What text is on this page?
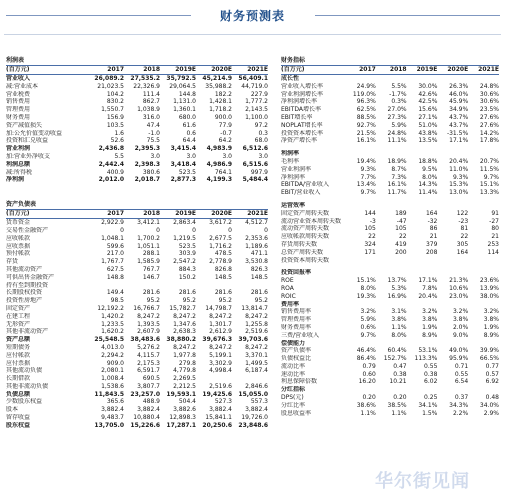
财务预测表
利润表
(百万元)	2017	2018	2019E	2020E	2021E
营业收入	26,089.2	27,535.2	35,792.5	45,214.9	56,409.1
减:营业成本	21,023.5	22,326.9	29,064.5	35,988.2	44,719.0
营业税费	104.2	111.4	144.8	182.2	227.9
销售费用	830.2	862.7	1,131.0	1,428.1	1,777.2
管理费用	1,550.7	1,038.9	1,360.1	1,718.2	2,143.5
财务费用	156.9	316.0	680.0	900.0	1,100.0
资产减值损失	103.5	47.4	61.6	77.9	97.2
加:公允价值变动收益	1.6	-1.0	0.6	-0.7	0.3
投资和汇兑收益	52.6	75.5	64.4	64.2	68.0
营业利润	2,436.8	2,395.3	3,415.4	4,983.9	6,512.6
加:营业外净收支	5.5	3.0	3.0	3.0	3.0
利润总额	2,442.4	2,398.3	3,418.4	4,986.9	6,515.6
减:所得税	400.9	380.6	523.5	764.1	997.9
净利润	2,012.0	2,018.7	2,877.3	4,199.3	5,484.4
资产负债表
(百万元)	2017	2018	2019E	2020E	2021E
货币资金	2,922.9	3,412.1	2,863.4	3,617.2	4,512.7
交易性金融资产	0	0	0	0	0
应收帐款	1,048.1	1,700.2	1,219.5	2,677.5	2,353.6
应收票据	599.6	1,051.1	523.5	1,716.2	1,189.6
预付帐款	217.0	288.1	303.9	478.5	471.1
存货	1,767.7	1,585.9	2,547.2	2,778.9	3,530.8
其他流动资产	627.5	767.7	884.3	826.8	826.3
可供出售金融资产	148.8	146.7	150.2	148.5	148.5
持有至到期投资
长期股权投资	149.4	281.6	281.6	281.6	281.6
投资性房地产	98.5	95.2	95.2	95.2	95.2
固定资产	12,192.2	16,766.7	15,782.7	14,798.7	13,814.7
在建工程	1,420.2	8,247.2	8,247.2	8,247.2	8,247.2
无形资产	1,233.5	1,393.5	1,347.6	1,301.7	1,255.8
其他非流动资产	1,620.2	2,607.9	2,638.3	2,612.9	2,519.6
资产总额	25,548.5	38,483.6	38,880.2	39,676.3	39,703.6
短期债务	4,013.0	5,276.2	8,247.2	8,247.2	8,247.2
应付帐款	2,294.2	4,115.7	1,977.8	5,199.1	3,370.1
应付票据	909.0	2,175.3	279.8	3,302.9	1,499.5
其他流动负债	2,080.1	6,591.7	4,779.8	4,998.4	6,187.4
长期借款	1,008.4	690.5	2,269.5
其他非流动负债	1,538.6	3,807.7	2,212.5	2,519.6	2,846.6
负债总额	11,843.5	23,257.0	19,593.1	19,425.6	15,055.0
少数股东权益	365.6	488.9	504.4	527.3	557.3
股本	3,882.4	3,882.4	3,882.6	3,882.4	3,882.4
留存收益	9,483.7	10,880.4	12,898.3	15,841.1	19,726.0
股东权益	13,705.0	15,226.6	17,287.1	20,250.6	23,848.6
财务指标
(百万元)	2017	2018	2019E	2020E	2021E
成长性
营业收入增长率	24.9%	5.5%	30.0%	26.3%	24.8%
营业利润增长率	119.0%	-1.7%	42.6%	46.0%	30.6%
净利润增长率	96.3%	0.3%	42.5%	45.9%	30.6%
EBITDA增长率	62.5%	27.0%	15.6%	34.9%	23.5%
EBIT增长率	88.5%	27.3%	27.1%	43.7%	27.6%
NOPLAT增长率	92.7%	5.9%	51.0%	43.7%	27.6%
投资资本增长率	21.5%	24.8%	43.8%	-31.5%	14.2%
净资产增长率	16.1%	11.1%	13.5%	17.1%	17.8%
利润率
毛利率	19.4%	18.9%	18.8%	20.4%	20.7%
营业利润率	9.3%	8.7%	9.5%	11.0%	11.5%
净利润率	7.7%	7.3%	8.0%	9.3%	9.7%
EBITDA/营业收入	13.4%	16.1%	14.3%	15.3%	15.1%
EBIT/营业收入	9.7%	11.7%	11.4%	13.0%	13.3%
运营效率
固定资产周转天数	144	189	164	122	91
流动营业资本周转天数	-3	-47	-32	-23	-27
流动资产周转天数	105	105	86	81	80
应收帐款周转天数	22	22	21	22	21
存货周转天数	324	419	379	305	253
总资产周转天数	171	200	208	164	114
投资资本周转天数
投资回报率
ROE	15.1%	13.7%	17.1%	21.3%	23.6%
ROA	8.0%	5.3%	7.8%	10.6%	13.9%
ROIC	19.3%	16.9%	20.4%	23.0%	38.0%
费用率
销售费用率	3.2%	3.1%	3.2%	3.2%	3.2%
管理费用率	5.9%	3.8%	3.8%	3.8%	3.8%
财务费用率	0.6%	1.1%	1.9%	2.0%	1.9%
三费/营业收入	9.7%	8.0%	8.9%	9.0%	8.9%
偿债能力
资产负债率	46.4%	60.4%	53.1%	49.0%	39.9%
负债权益比	86.4%	152.7%	113.3%	95.9%	66.5%
流动比率	0.79	0.47	0.55	0.71	0.77
速动比率	0.60	0.38	0.38	0.55	0.57
利息保障倍数	16.20	10.21	6.02	6.54	6.92
分红指标
DPS(元)	0.20	0.20	0.25	0.37	0.48
分红比率	38.6%	38.5%	34.1%	34.3%	34.0%
股息收益率	1.1%	1.1%	1.5%	2.2%	2.9%
华尔街见闻
